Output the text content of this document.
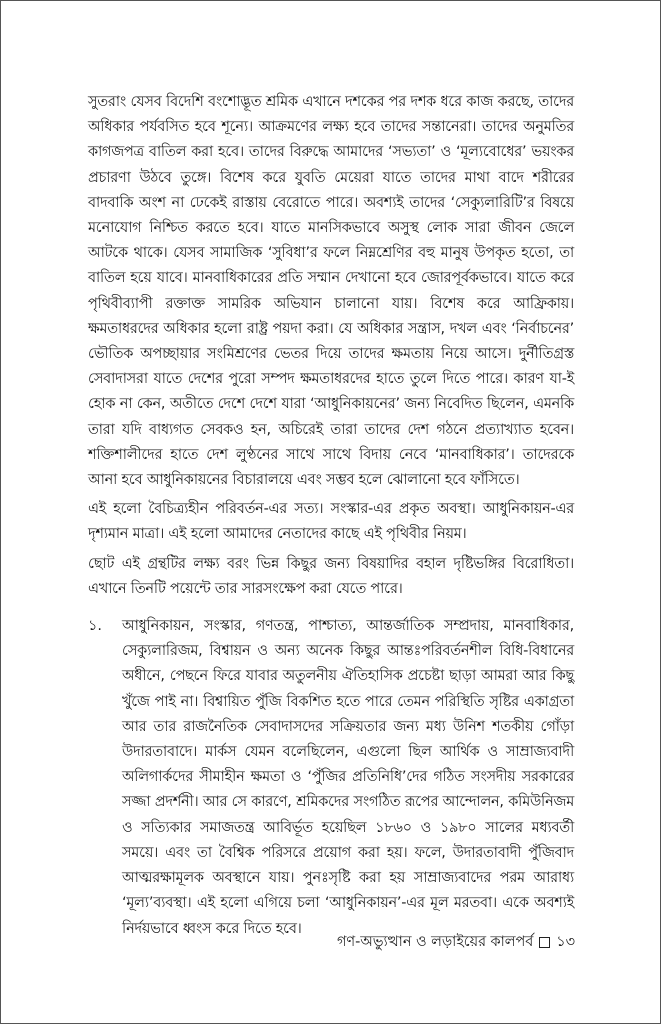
সুতরাং যেসব বিদেশি বংশোদ্ভূত শ্রমিক এখানে দশকের পর দশক ধরে কাজ করছে, তাদের অধিকার পর্যবসিত হবে শূন্যে। আক্রমণের লক্ষ্য হবে তাদের সন্তানেরা। তাদের অনুমতির কাগজপত্র বাতিল করা হবে। তাদের বিরুদ্ধে আমাদের ‘সভ্যতা’ ও ‘মূল্যবোধের’ ভয়ংকর প্রচারণা উঠবে তুঙ্গে। বিশেষ করে যুবতি মেয়েরা যাতে তাদের মাথা বাদে শরীরের বাদবাকি অংশ না ঢেকেই রাস্তায় বেরোতে পারে। অবশ্যই তাদের ‘সেক্যুলারিটি’র বিষয়ে মনোযোগ নিশ্চিত করতে হবে। যাতে মানসিকভাবে অসুস্থ লোক সারা জীবন জেলে আটকে থাকে। যেসব সামাজিক ‘সুবিধা’র ফলে নিম্নশ্রেণির বহু মানুষ উপকৃত হতো, তা বাতিল হয়ে যাবে। মানবাধিকারের প্রতি সম্মান দেখানো হবে জোরপূর্বকভাবে। যাতে করে পৃথিবীব্যাপী রক্তাক্ত সামরিক অভিযান চালানো যায়। বিশেষ করে আফ্রিকায়। ক্ষমতাধরদের অধিকার হলো রাষ্ট্র পয়দা করা। যে অধিকার সন্ত্রাস, দখল এবং ‘নির্বাচনের’ ভৌতিক অপচ্ছায়ার সংমিশ্রণের ভেতর দিয়ে তাদের ক্ষমতায় নিয়ে আসে। দুর্নীতিগ্রস্ত সেবাদাসরা যাতে দেশের পুরো সম্পদ ক্ষমতাধরদের হাতে তুলে দিতে পারে। কারণ যা-ই হোক না কেন, অতীতে দেশে দেশে যারা ‘আধুনিকায়নের’ জন্য নিবেদিত ছিলেন, এমনকি তারা যদি বাধ্যগত সেবকও হন, অচিরেই তারা তাদের দেশ গঠনে প্রত্যাখ্যাত হবেন। শক্তিশালীদের হাতে দেশ লুণ্ঠনের সাথে সাথে বিদায় নেবে ‘মানবাধিকার’। তাদেরকে আনা হবে আধুনিকায়নের বিচারালয়ে এবং সম্ভব হলে ঝোলানো হবে ফাঁসিতে।

এই হলো বৈচিত্র্যহীন পরিবর্তন-এর সত্য। সংস্কার-এর প্রকৃত অবস্থা। আধুনিকায়ন-এর দৃশ্যমান মাত্রা। এই হলো আমাদের নেতাদের কাছে এই পৃথিবীর নিয়ম।

ছোট এই গ্রন্থটির লক্ষ্য বরং ভিন্ন কিছুর জন্য বিষয়াদির বহাল দৃষ্টিভঙ্গির বিরোধিতা। এখানে তিনটি পয়েন্টে তার সারসংক্ষেপ করা যেতে পারে।

১. আধুনিকায়ন, সংস্কার, গণতন্ত্র, পাশ্চাত্য, আন্তর্জাতিক সম্প্রদায়, মানবাধিকার, সেক্যুলারিজম, বিশ্বায়ন ও অন্য অনেক কিছুর আন্তঃপরিবর্তনশীল বিধি-বিধানের অধীনে, পেছনে ফিরে যাবার অতুলনীয় ঐতিহাসিক প্রচেষ্টা ছাড়া আমরা আর কিছু খুঁজে পাই না। বিশ্বায়িত পুঁজি বিকশিত হতে পারে তেমন পরিস্থিতি সৃষ্টির একাগ্রতা আর তার রাজনৈতিক সেবাদাসদের সক্রিয়তার জন্য মধ্য উনিশ শতকীয় গোঁড়া উদারতাবাদে। মার্কস যেমন বলেছিলেন, এগুলো ছিল আর্থিক ও সাম্রাজ্যবাদী অলিগার্কদের সীমাহীন ক্ষমতা ও ‘পুঁজির প্রতিনিধি’দের গঠিত সংসদীয় সরকারের সজ্জা প্রদর্শনী। আর সে কারণে, শ্রমিকদের সংগঠিত রূপের আন্দোলন, কমিউনিজম ও সত্যিকার সমাজতন্ত্র আবির্ভূত হয়েছিল ১৮৬০ ও ১৯৮০ সালের মধ্যবর্তী সময়ে। এবং তা বৈশ্বিক পরিসরে প্রয়োগ করা হয়। ফলে, উদারতাবাদী পুঁজিবাদ আত্মরক্ষামূলক অবস্থানে যায়। পুনঃসৃষ্টি করা হয় সাম্রাজ্যবাদের পরম আরাধ্য ‘মূল্য’ব্যবস্থা। এই হলো এগিয়ে চলা ‘আধুনিকায়ন’-এর মূল মরতবা। একে অবশ্যই নির্দয়ভাবে ধ্বংস করে দিতে হবে।

গণ-অভ্যুত্থান ও লড়াইয়ের কালপর্ব ১৩
